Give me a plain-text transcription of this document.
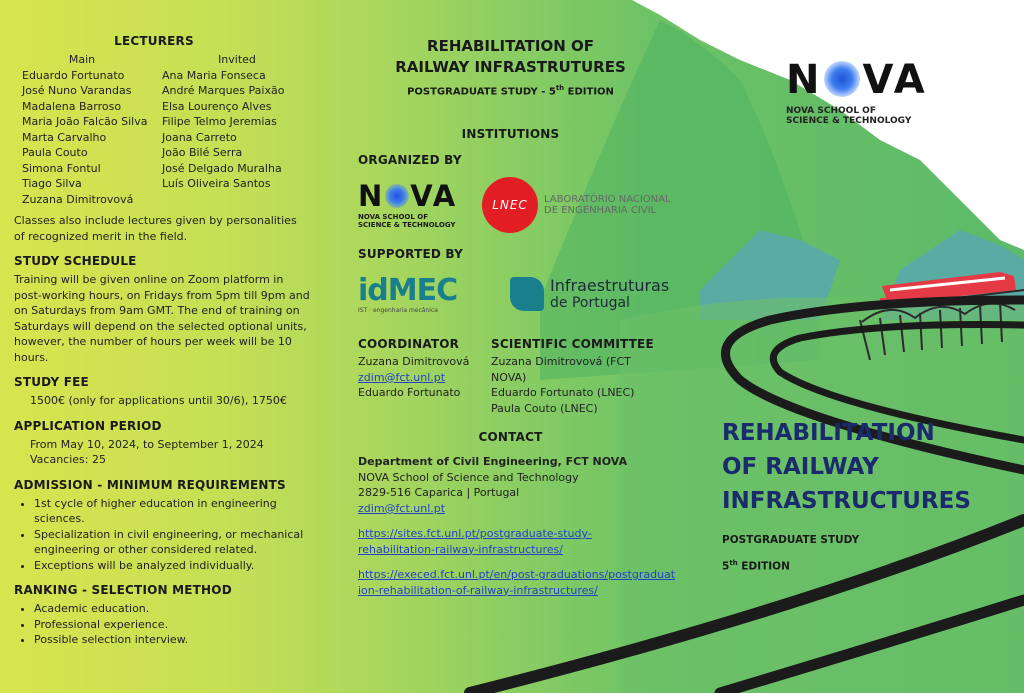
LECTURERS
Main
Eduardo Fortunato
José Nuno Varandas
Madalena Barroso
Maria João Falcão Silva
Marta Carvalho
Paula Couto
Simona Fontul
Tiago Silva
Zuzana Dimitrovová
Invited
Ana Maria Fonseca
André Marques Paixão
Elsa Lourenço Alves
Filipe Telmo Jeremias
Joana Carreto
João Bilé Serra
José Delgado Muralha
Luís Oliveira Santos

Classes also include lectures given by personalities of recognized merit in the field.

STUDY SCHEDULE

Training will be given online on Zoom platform in post-working hours, on Fridays from 5pm till 9pm and on Saturdays from 9am GMT. The end of training on Saturdays will depend on the selected optional units, however, the number of hours per week will be 10 hours.

STUDY FEE

1500€ (only for applications until 30/6), 1750€

APPLICATION PERIOD

From May 10, 2024, to September 1, 2024

Vacancies: 25

ADMISSION - MINIMUM REQUIREMENTS

• 1st cycle of higher education in engineering sciences.
• Specialization in civil engineering, or mechanical engineering or other considered related.
• Exceptions will be analyzed individually.

RANKING - SELECTION METHOD

• Academic education.
• Professional experience.
• Possible selection interview.
REHABILITATION OF
RAILWAY INFRASTRUTURES
POSTGRADUATE STUDY - 5th EDITION
INSTITUTIONS
ORGANIZED BY
N VA
NOVA SCHOOL OF
SCIENCE & TECHNOLOGY
LNEC LABORATÓRIO NACIONAL
DE ENGENHARIA CIVIL
SUPPORTED BY
idMEC
IST · engenharia mecânica
Infraestruturas
de Portugal
COORDINATOR
Zuzana Dimitrovová
zdim@fct.unl.pt
Eduardo Fortunato
SCIENTIFIC COMMITTEE
Zuzana Dimitrovová (FCT NOVA)
Eduardo Fortunato (LNEC)
Paula Couto (LNEC)
CONTACT
Department of Civil Engineering, FCT NOVA
NOVA School of Science and Technology
2829-516 Caparica | Portugal
zdim@fct.unl.pt
https://sites.fct.unl.pt/postgraduate-study-
rehabilitation-railway-infrastructures/
https://execed.fct.unl.pt/en/post-graduations/postgraduat
ion-rehabilitation-of-railway-infrastructures/
N VA
NOVA SCHOOL OF
SCIENCE & TECHNOLOGY
REHABILITATION
OF RAILWAY
INFRASTRUCTURES
POSTGRADUATE STUDY
5th EDITION
